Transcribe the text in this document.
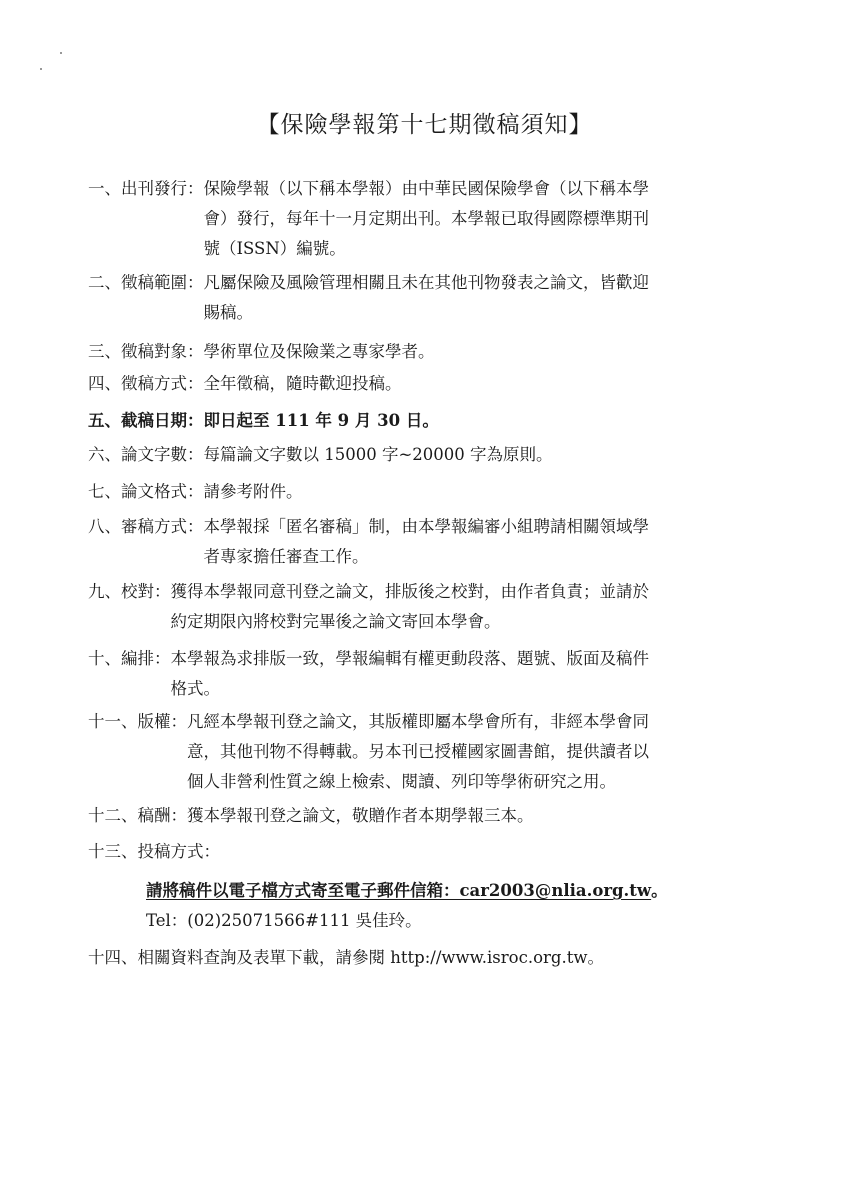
【保險學報第十七期徵稿須知】
一、出刊發行： 保險學報（以下稱本學報）由中華民國保險學會（以下稱本學
會）發行，每年十一月定期出刊。本學報已取得國際標準期刊
號（ISSN）編號。
二、徵稿範圍： 凡屬保險及風險管理相關且未在其他刊物發表之論文，皆歡迎
賜稿。
三、徵稿對象： 學術單位及保險業之專家學者。
四、徵稿方式： 全年徵稿，隨時歡迎投稿。
五、截稿日期： 即日起至 111 年 9 月 30 日。
六、論文字數： 每篇論文字數以 15000 字~20000 字為原則。
七、論文格式： 請參考附件。
八、審稿方式： 本學報採「匿名審稿」制，由本學報編審小組聘請相關領域學
者專家擔任審查工作。
九、校對： 獲得本學報同意刊登之論文，排版後之校對，由作者負責；並請於
約定期限內將校對完畢後之論文寄回本學會。
十、編排： 本學報為求排版一致，學報編輯有權更動段落、題號、版面及稿件
格式。
十一、版權： 凡經本學報刊登之論文，其版權即屬本學會所有，非經本學會同
意，其他刊物不得轉載。另本刊已授權國家圖書館，提供讀者以
個人非營利性質之線上檢索、閱讀、列印等學術研究之用。
十二、稿酬： 獲本學報刊登之論文，敬贈作者本期學報三本。
十三、投稿方式：
請將稿件以電子檔方式寄至電子郵件信箱：car2003@nlia.org.tw。
Tel：(02)25071566#111 吳佳玲。
十四、 相關資料查詢及表單下載，請參閱 http://www.isroc.org.tw。
